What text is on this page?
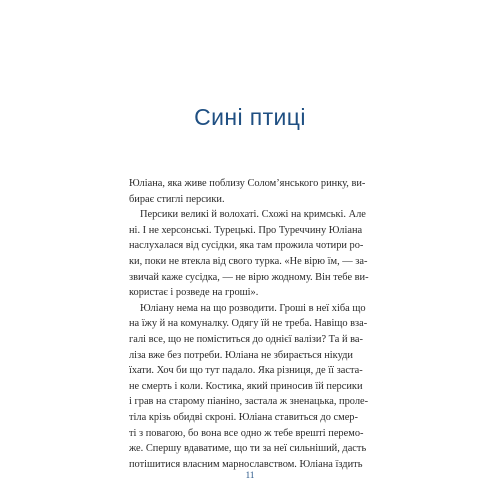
Сині птиці
Юліана, яка живе поблизу Солом’янського ринку, ви-
бирає стиглі персики.
Персики великі й волохаті. Схожі на кримські. Але
ні. І не херсонські. Турецькі. Про Туреччину Юліана
наслухалася від сусідки, яка там прожила чотири ро-
ки, поки не втекла від свого турка. «Не вірю їм, — за-
звичай каже сусідка, — не вірю жодному. Він тебе ви-
користає і розведе на гроші».
Юліану нема на що розводити. Гроші в неї хіба що
на їжу й на комуналку. Одягу їй не треба. Навіщо вза-
галі все, що не поміститься до однієї валізи? Та й ва-
ліза вже без потреби. Юліана не збирається нікуди
їхати. Хоч би що тут падало. Яка різниця, де її заста-
не смерть і коли. Костика, який приносив їй персики
і грав на старому піаніно, застала ж зненацька, проле-
тіла крізь обидві скроні. Юліана ставиться до смер-
ті з повагою, бо вона все одно ж тебе врешті перемо-
же. Спершу вдаватиме, що ти за неї сильніший, дасть
потішитися власним марнославством. Юліана їздить
11
